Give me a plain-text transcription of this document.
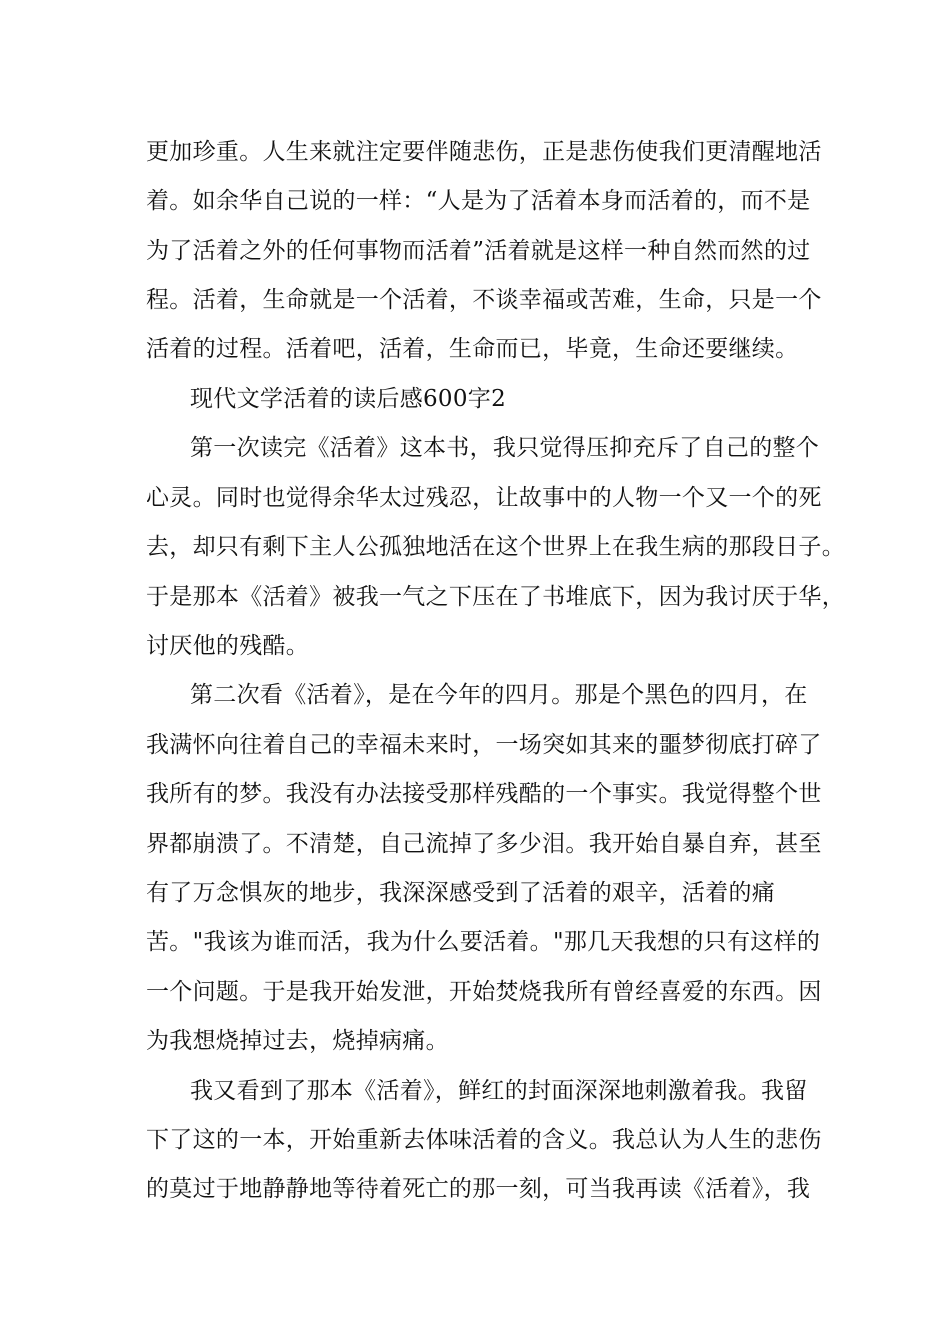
更加珍重。人生来就注定要伴随悲伤，正是悲伤使我们更清醒地活
着。如余华自己说的一样：“人是为了活着本身而活着的，而不是
为了活着之外的任何事物而活着”活着就是这样一种自然而然的过
程。活着，生命就是一个活着，不谈幸福或苦难，生命，只是一个
活着的过程。活着吧，活着，生命而已，毕竟，生命还要继续。
现代文学活着的读后感600字2
第一次读完《活着》这本书，我只觉得压抑充斥了自己的整个
心灵。同时也觉得余华太过残忍，让故事中的人物一个又一个的死
去，却只有剩下主人公孤独地活在这个世界上在我生病的那段日子。
于是那本《活着》被我一气之下压在了书堆底下，因为我讨厌于华，
讨厌他的残酷。
第二次看《活着》，是在今年的四月。那是个黑色的四月，在
我满怀向往着自己的幸福未来时，一场突如其来的噩梦彻底打碎了
我所有的梦。我没有办法接受那样残酷的一个事实。我觉得整个世
界都崩溃了。不清楚，自己流掉了多少泪。我开始自暴自弃，甚至
有了万念惧灰的地步，我深深感受到了活着的艰辛，活着的痛
苦。"我该为谁而活，我为什么要活着。"那几天我想的只有这样的
一个问题。于是我开始发泄，开始焚烧我所有曾经喜爱的东西。因
为我想烧掉过去，烧掉病痛。
我又看到了那本《活着》，鲜红的封面深深地刺激着我。我留
下了这的一本，开始重新去体味活着的含义。我总认为人生的悲伤
的莫过于地静静地等待着死亡的那一刻，可当我再读《活着》，我
